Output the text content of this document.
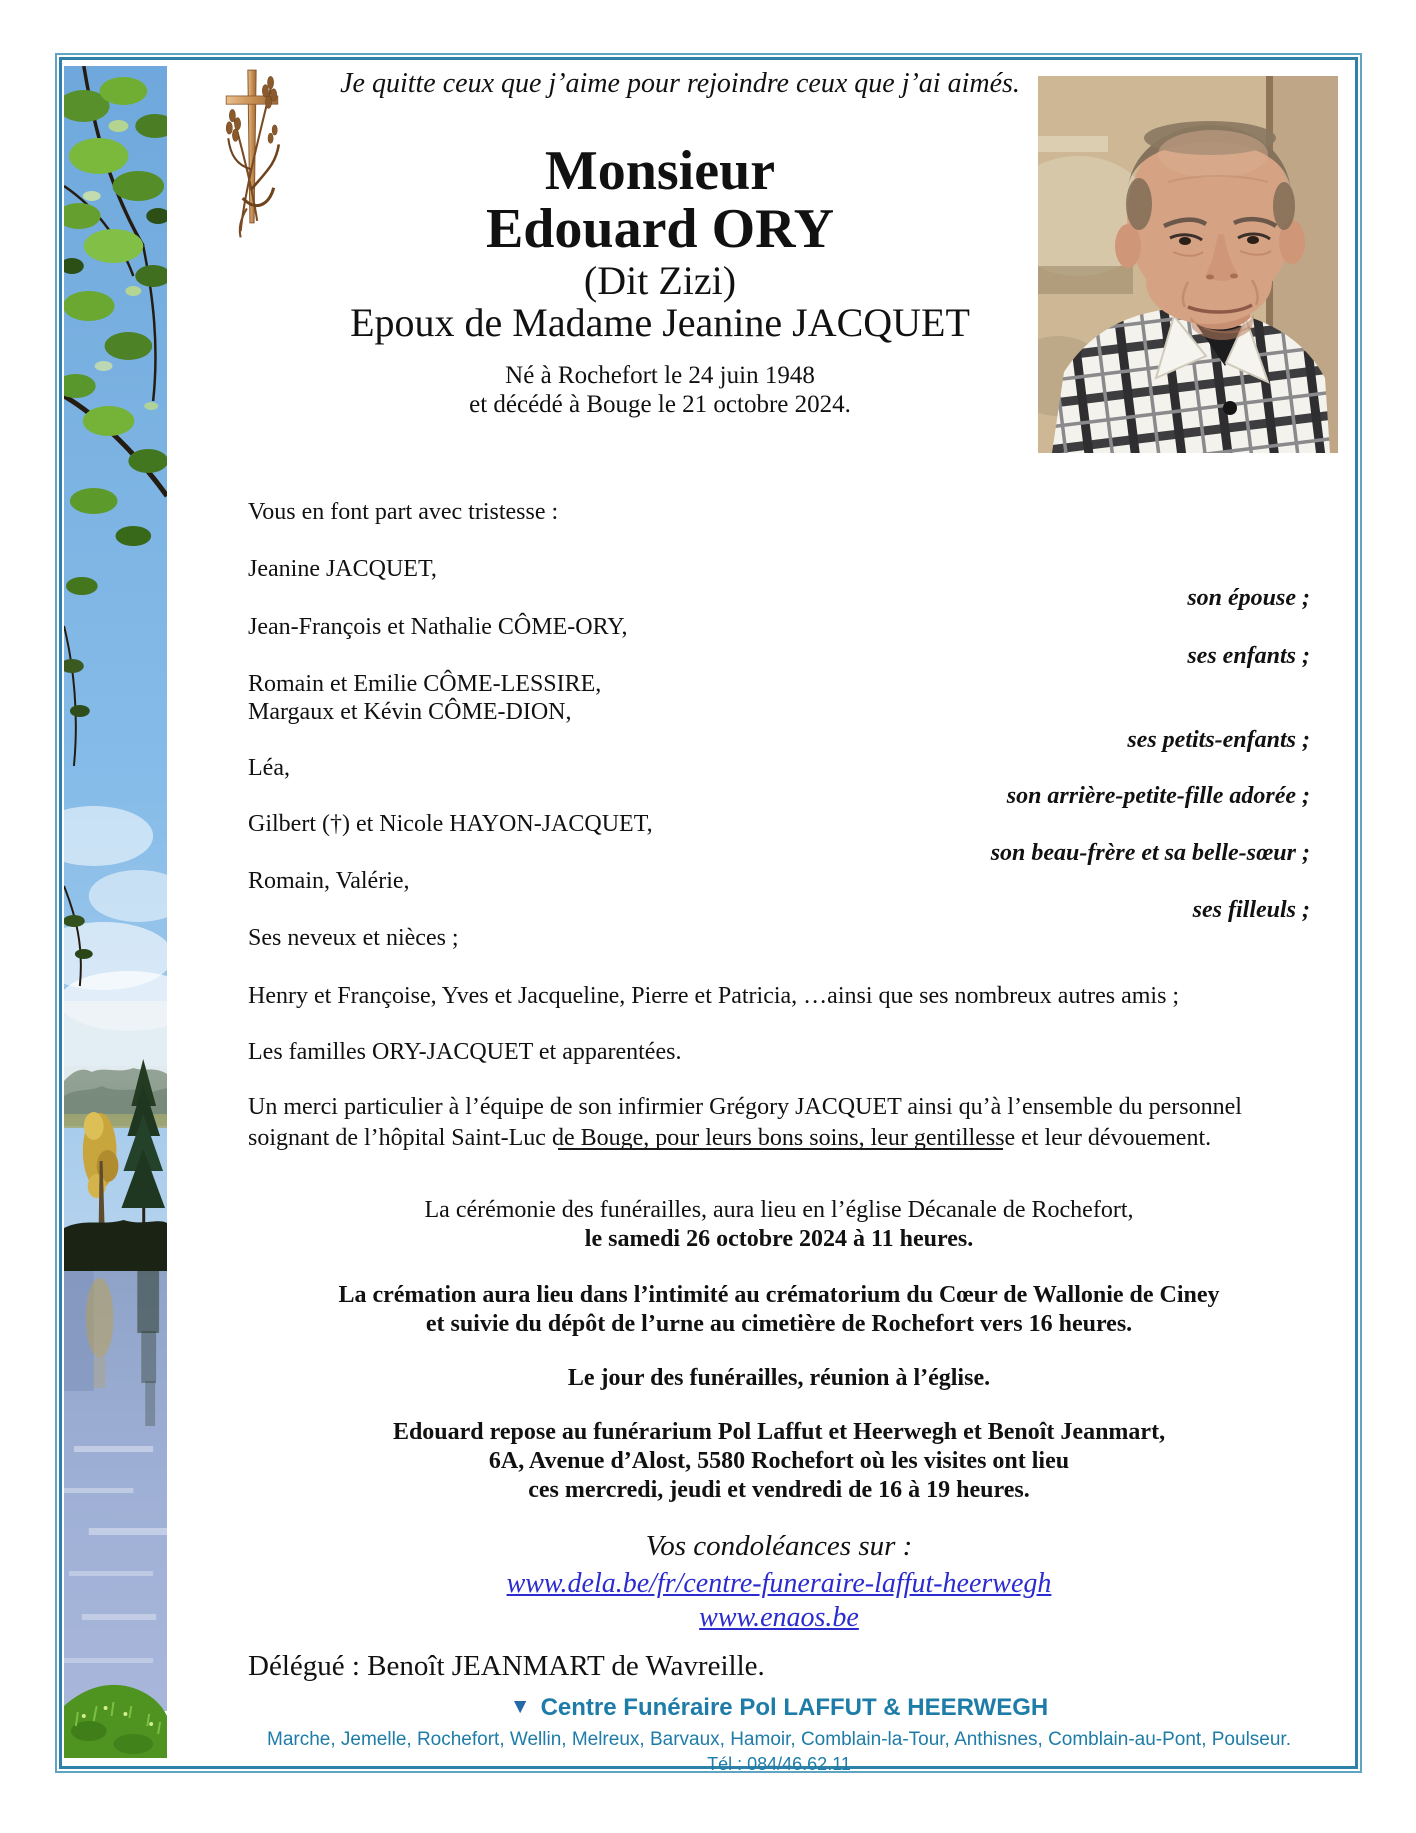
Je quitte ceux que j’aime pour rejoindre ceux que j’ai aimés.
Monsieur
Edouard ORY
(Dit Zizi)
Epoux de Madame Jeanine JACQUET
Né à Rochefort le 24 juin 1948
et décédé à Bouge le 21 octobre 2024.
Vous en font part avec tristesse :
Jeanine JACQUET,
son épouse ;
Jean-François et Nathalie CÔME-ORY,
ses enfants ;
Romain et Emilie CÔME-LESSIRE,
Margaux et Kévin CÔME-DION,
ses petits-enfants ;
Léa,
son arrière-petite-fille adorée ;
Gilbert (†) et Nicole HAYON-JACQUET,
son beau-frère et sa belle-sœur ;
Romain, Valérie,
ses filleuls ;
Ses neveux et nièces ;
Henry et Françoise, Yves et Jacqueline, Pierre et Patricia, …ainsi que ses nombreux autres amis ;
Les familles ORY-JACQUET et apparentées.
Un merci particulier à l’équipe de son infirmier Grégory JACQUET ainsi qu’à l’ensemble du personnel soignant de l’hôpital Saint-Luc de Bouge, pour leurs bons soins, leur gentillesse et leur dévouement.
La cérémonie des funérailles, aura lieu en l’église Décanale de Rochefort,
le samedi 26 octobre 2024 à 11 heures.
La crémation aura lieu dans l’intimité au crématorium du Cœur de Wallonie de Ciney
et suivie du dépôt de l’urne au cimetière de Rochefort vers 16 heures.
Le jour des funérailles, réunion à l’église.
Edouard repose au funérarium Pol Laffut et Heerwegh et Benoît Jeanmart,
6A, Avenue d’Alost, 5580 Rochefort où les visites ont lieu
ces mercredi, jeudi et vendredi de 16 à 19 heures.
Vos condoléances sur :
www.dela.be/fr/centre-funeraire-laffut-heerwegh
www.enaos.be
Délégué : Benoît JEANMART de Wavreille.
▼ Centre Funéraire Pol LAFFUT & HEERWEGH
Marche, Jemelle, Rochefort, Wellin, Melreux, Barvaux, Hamoir, Comblain-la-Tour, Anthisnes, Comblain-au-Pont, Poulseur.
Tél : 084/46.62.11
